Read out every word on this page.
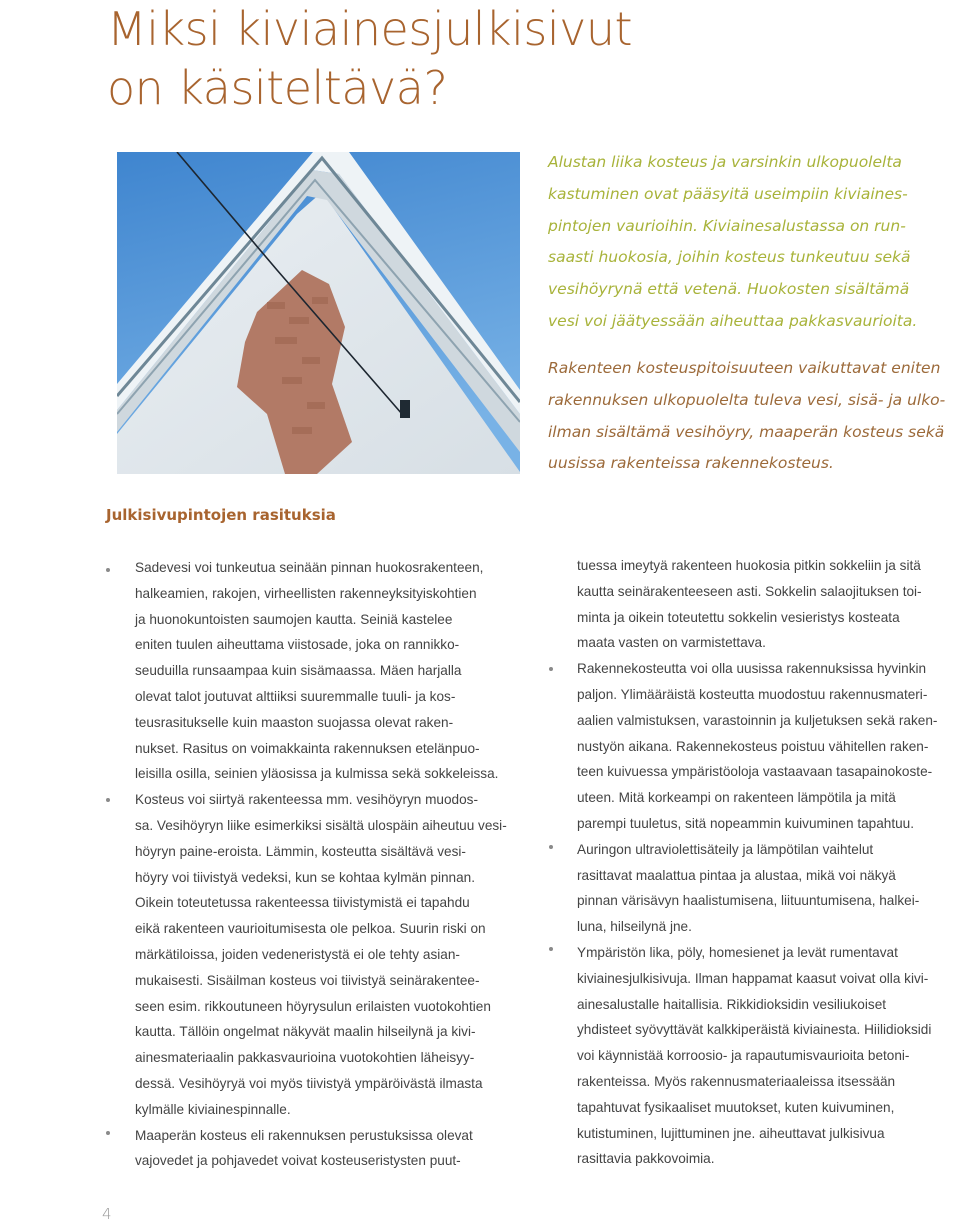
Miksi kiviainesjulkisivut
on käsiteltävä?
Alustan liika kosteus ja varsinkin ulkopuolelta
kastuminen ovat pääsyitä useimpiin kiviaines-
pintojen vaurioihin. Kiviainesalustassa on run-
saasti huokosia, joihin kosteus tunkeutuu sekä
vesihöyrynä että vetenä. Huokosten sisältämä
vesi voi jäätyessään aiheuttaa pakkasvaurioita.
Rakenteen kosteuspitoisuuteen vaikuttavat eniten
rakennuksen ulkopuolelta tuleva vesi, sisä- ja ulko-
ilman sisältämä vesihöyry, maaperän kosteus sekä
uusissa rakenteissa rakennekosteus.
Julkisivupintojen rasituksia
Sadevesi voi tunkeutua seinään pinnan huokosrakenteen,
halkeamien, rakojen, virheellisten rakenneyksityiskohtien
ja huonokuntoisten saumojen kautta. Seiniä kastelee
eniten tuulen aiheuttama viistosade, joka on rannikko-
seuduilla runsaampaa kuin sisämaassa. Mäen harjalla
olevat talot joutuvat alttiiksi suuremmalle tuuli- ja kos-
teusrasitukselle kuin maaston suojassa olevat raken-
nukset. Rasitus on voimakkainta rakennuksen etelänpuo-
leisilla osilla, seinien yläosissa ja kulmissa sekä sokkeleissa.
Kosteus voi siirtyä rakenteessa mm. vesihöyryn muodos-
sa. Vesihöyryn liike esimerkiksi sisältä ulospäin aiheutuu vesi-
höyryn paine-eroista. Lämmin, kosteutta sisältävä vesi-
höyry voi tiivistyä vedeksi, kun se kohtaa kylmän pinnan.
Oikein toteutetussa rakenteessa tiivistymistä ei tapahdu
eikä rakenteen vaurioitumisesta ole pelkoa. Suurin riski on
märkätiloissa, joiden vedeneristystä ei ole tehty asian-
mukaisesti. Sisäilman kosteus voi tiivistyä seinärakentee-
seen esim. rikkoutuneen höyrysulun erilaisten vuotokohtien
kautta. Tällöin ongelmat näkyvät maalin hilseilynä ja kivi-
ainesmateriaalin pakkasvaurioina vuotokohtien läheisyy-
dessä. Vesihöyryä voi myös tiivistyä ympäröivästä ilmasta
kylmälle kiviainespinnalle.
Maaperän kosteus eli rakennuksen perustuksissa olevat
vajovedet ja pohjavedet voivat kosteuseristysten puut-
tuessa imeytyä rakenteen huokosia pitkin sokkeliin ja sitä
kautta seinärakenteeseen asti. Sokkelin salaojituksen toi-
minta ja oikein toteutettu sokkelin vesieristys kosteata
maata vasten on varmistettava.
Rakennekosteutta voi olla uusissa rakennuksissa hyvinkin
paljon. Ylimääräistä kosteutta muodostuu rakennusmateri-
aalien valmistuksen, varastoinnin ja kuljetuksen sekä raken-
nustyön aikana. Rakennekosteus poistuu vähitellen raken-
teen kuivuessa ympäristöoloja vastaavaan tasapainokoste-
uteen. Mitä korkeampi on rakenteen lämpötila ja mitä
parempi tuuletus, sitä nopeammin kuivuminen tapahtuu.
Auringon ultraviolettisäteily ja lämpötilan vaihtelut
rasittavat maalattua pintaa ja alustaa, mikä voi näkyä
pinnan värisävyn haalistumisena, liituuntumisena, halkei-
luna, hilseilynä jne.
Ympäristön lika, pöly, homesienet ja levät rumentavat
kiviainesjulkisivuja. Ilman happamat kaasut voivat olla kivi-
ainesalustalle haitallisia. Rikkidioksidin vesiliukoiset
yhdisteet syövyttävät kalkkiperäistä kiviainesta. Hiilidioksidi
voi käynnistää korroosio- ja rapautumisvaurioita betoni-
rakenteissa. Myös rakennusmateriaaleissa itsessään
tapahtuvat fysikaaliset muutokset, kuten kuivuminen,
kutistuminen, lujittuminen jne. aiheuttavat julkisivua
rasittavia pakkovoimia.
4
